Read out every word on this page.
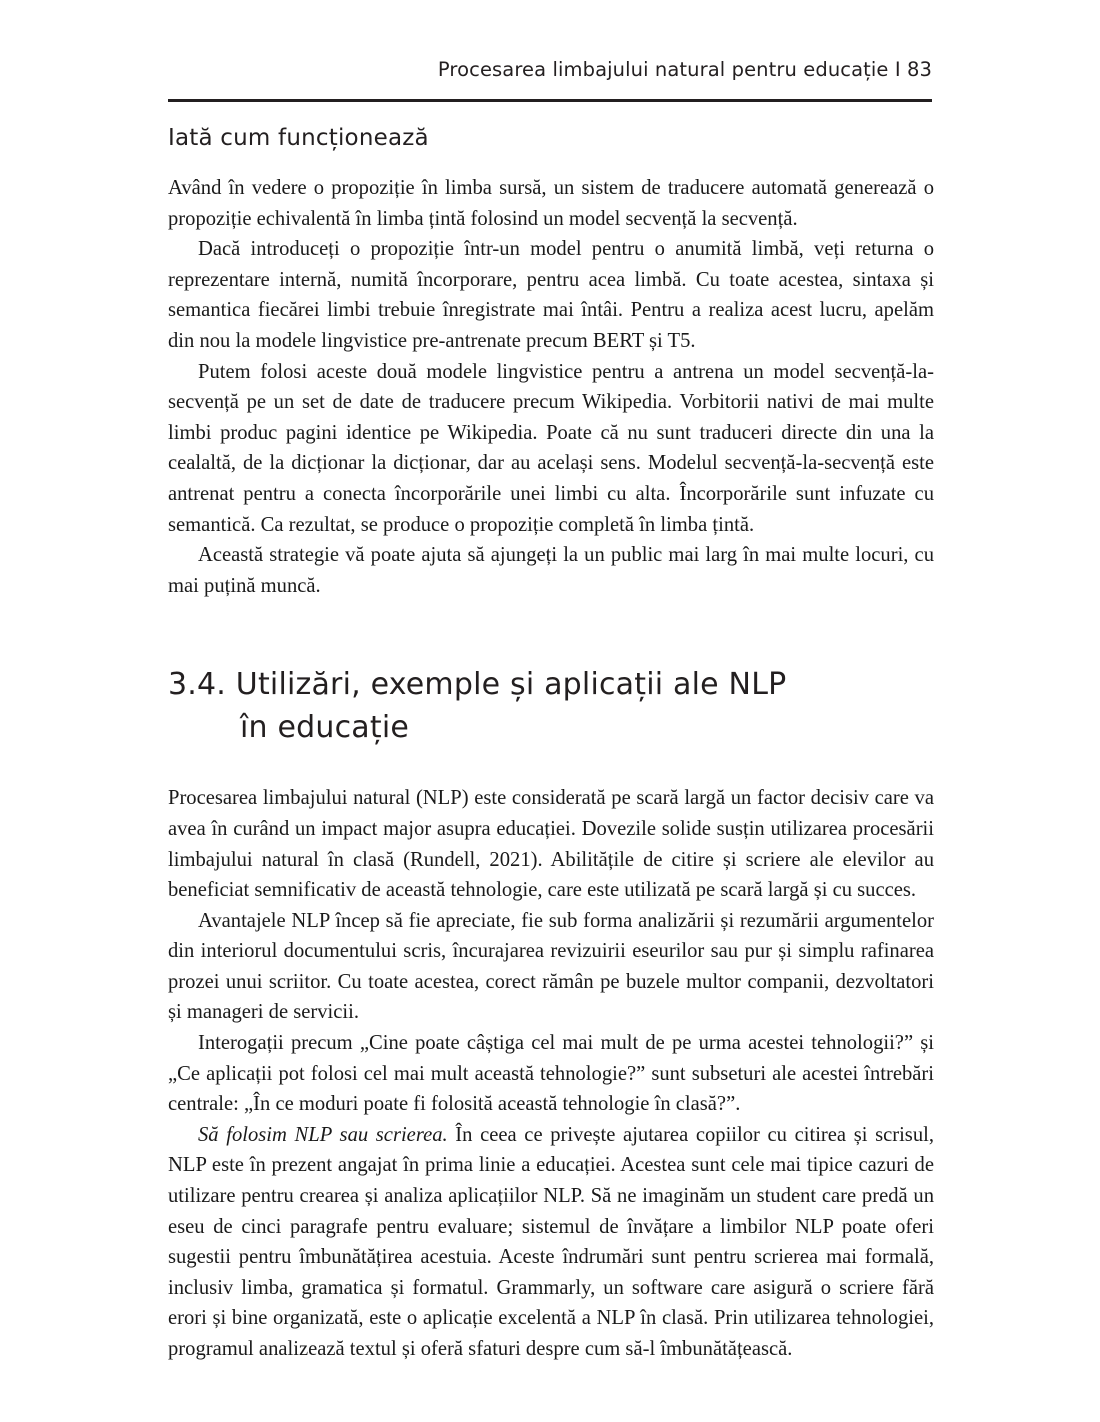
Procesarea limbajului natural pentru educație I 83
Iată cum funcționează

Având în vedere o propoziție în limba sursă, un sistem de traducere automată generează o propoziție echivalentă în limba țintă folosind un model secvență la secvență.

Dacă introduceți o propoziție într-un model pentru o anumită limbă, veți returna o reprezentare internă, numită încorporare, pentru acea limbă. Cu toate acestea, sintaxa și semantica fiecărei limbi trebuie înregistrate mai întâi. Pentru a realiza acest lucru, apelăm din nou la modele lingvistice pre-antrenate precum BERT și T5.

Putem folosi aceste două modele lingvistice pentru a antrena un model secvență-la-secvență pe un set de date de traducere precum Wikipedia. Vorbitorii nativi de mai multe limbi produc pagini identice pe Wikipedia. Poate că nu sunt traduceri directe din una la cealaltă, de la dicționar la dicționar, dar au același sens. Modelul secvență-la-secvență este antrenat pentru a conecta încorporările unei limbi cu alta. Încorporările sunt infuzate cu semantică. Ca rezultat, se produce o propoziție completă în limba țintă.

Această strategie vă poate ajuta să ajungeți la un public mai larg în mai multe locuri, cu mai puțină muncă.

3.4. Utilizări, exemple și aplicații ale NLP
în educație

Procesarea limbajului natural (NLP) este considerată pe scară largă un factor decisiv care va avea în curând un impact major asupra educației. Dovezile solide susțin utilizarea procesării limbajului natural în clasă (Rundell, 2021). Abilitățile de citire și scriere ale elevilor au beneficiat semnificativ de această tehnologie, care este utilizată pe scară largă și cu succes.

Avantajele NLP încep să fie apreciate, fie sub forma analizării și rezumării argumentelor din interiorul documentului scris, încurajarea revizuirii eseurilor sau pur și simplu rafinarea prozei unui scriitor. Cu toate acestea, corect rămân pe buzele multor companii, dezvoltatori și manageri de servicii.

Interogații precum „Cine poate câștiga cel mai mult de pe urma acestei tehnologii?” și „Ce aplicații pot folosi cel mai mult această tehnologie?” sunt subseturi ale acestei întrebări centrale: „În ce moduri poate fi folosită această tehnologie în clasă?”.

Să folosim NLP sau scrierea. În ceea ce privește ajutarea copiilor cu citirea și scrisul, NLP este în prezent angajat în prima linie a educației. Acestea sunt cele mai tipice cazuri de utilizare pentru crearea și analiza aplicațiilor NLP. Să ne imaginăm un student care predă un eseu de cinci paragrafe pentru evaluare; sistemul de învățare a limbilor NLP poate oferi sugestii pentru îmbunătățirea acestuia. Aceste îndrumări sunt pentru scrierea mai formală, inclusiv limba, gramatica și formatul. Grammarly, un software care asigură o scriere fără erori și bine organizată, este o aplicație excelentă a NLP în clasă. Prin utilizarea tehnologiei, programul analizează textul și oferă sfaturi despre cum să-l îmbunătățească.
